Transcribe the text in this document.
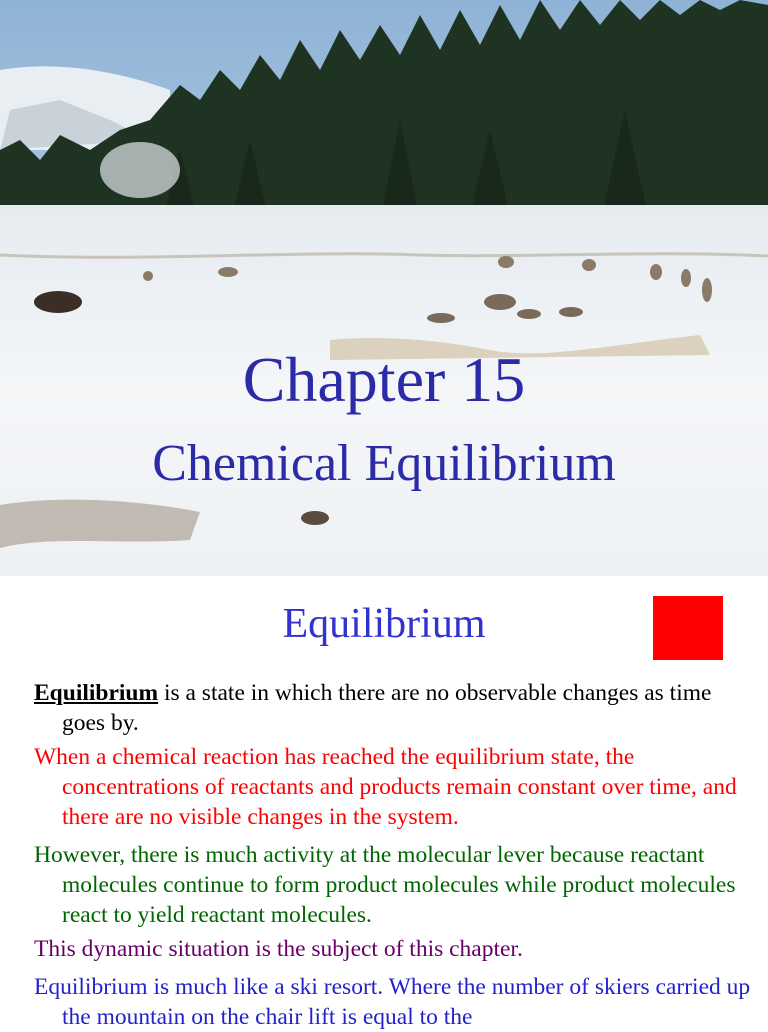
Chapter 15
Chemical Equilibrium
Equilibrium
Equilibrium is a state in which there are no observable changes as time goes by.
When a chemical reaction has reached the equilibrium state, the concentrations of reactants and products remain constant over time, and there are no visible changes in the system.
However, there is much activity at the molecular lever because reactant molecules continue to form product molecules while product molecules react to yield reactant molecules.
This dynamic situation is the subject of this chapter.
Equilibrium is much like a ski resort. Where the number of skiers carried up the mountain on the chair lift is equal to the
